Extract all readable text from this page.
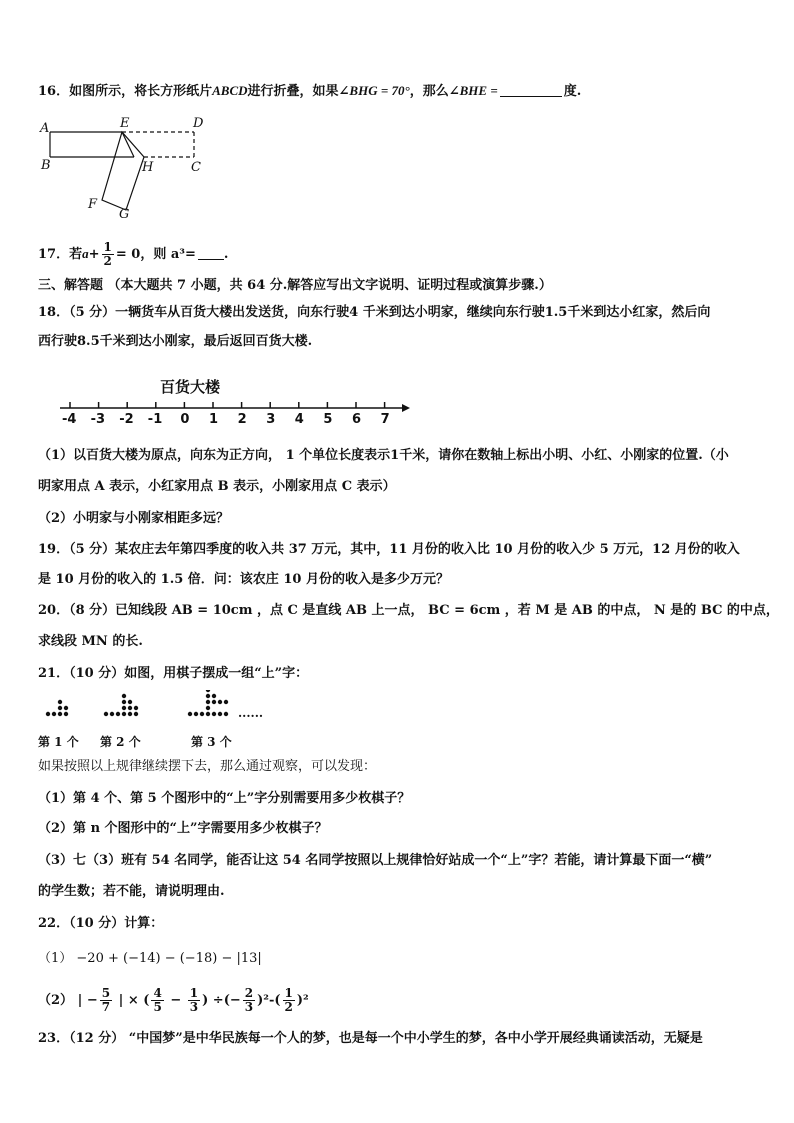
16．如图所示，将长方形纸片ABCD进行折叠，如果∠BHG = 70°，那么∠BHE =	度.
A	E	D
B	H	C
F
G
17．若$a+ \frac{1}{2} = 0$，则 a³= .
三、解答题 （本大题共 7 小题，共 64 分.解答应写出文字说明、证明过程或演算步骤.）
18．（5 分）一辆货车从百货大楼出发送货，向东行驶4 千米到达小明家，继续向东行驶1.5千米到达小红家，然后向
西行驶8.5千米到达小刚家，最后返回百货大楼.
百货大楼
-4 -3 -2 -1 0 1 2 3 4 5 6 7
（1）以百货大楼为原点，向东为正方向， 1 个单位长度表示1千米，请你在数轴上标出小明、小红、小刚家的位置.（小
明家用点 A 表示，小红家用点 B 表示，小刚家用点 C 表示）
（2）小明家与小刚家相距多远？
19．（5 分）某农庄去年第四季度的收入共 37 万元，其中，11 月份的收入比 10 月份的收入少 5 万元，12 月份的收入
是 10 月份的收入的 1.5 倍．问：该农庄 10 月份的收入是多少万元？
20．（8 分）已知线段 AB = 10cm ，点 C 是直线 AB 上一点， BC = 6cm ，若 M 是 AB 的中点， N 是的 BC 的中点，
求线段 MN 的长.
21．（10 分）如图，用棋子摆成一组“上”字：
......
第 1 个 第 2 个	第 3 个
如果按照以上规律继续摆下去，那么通过观察，可以发现：
（1）第 4 个、第 5 个图形中的“上”字分别需要用多少枚棋子？
（2）第 n 个图形中的“上”字需要用多少枚棋子？
（3）七（3）班有 54 名同学，能否让这 54 名同学按照以上规律恰好站成一个“上”字？若能，请计算最下面一“横”
的学生数；若不能，请说明理由.
22．（10 分）计算：
（1） −20 + (−14) − (−18) − |13|
（2） | − $\frac{5}{7}$ | × ( $\frac{4}{5} - \frac{1}{3}$ ) ÷(− $\frac{2}{3} )^2-( \frac{1}{2} )^2$
23．（12 分） “中国梦”是中华民族每一个人的梦，也是每一个中小学生的梦，各中小学开展经典诵读活动，无疑是
